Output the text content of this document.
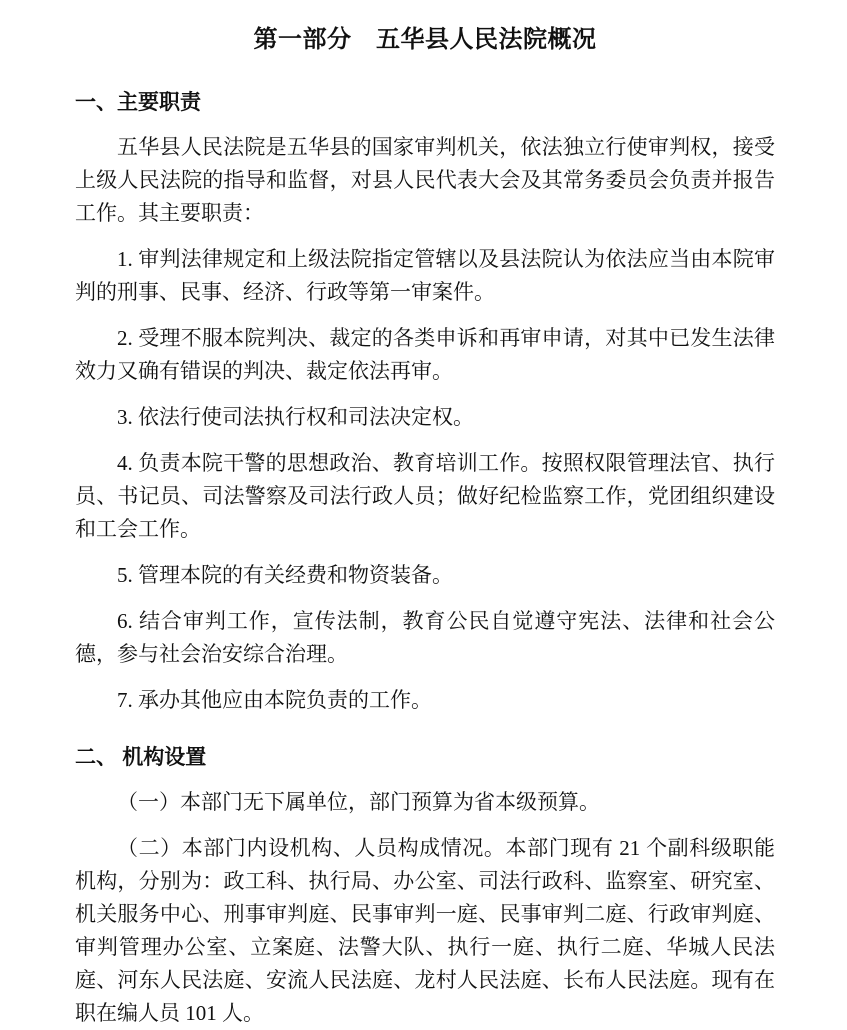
第一部分　五华县人民法院概况
一、主要职责

五华县人民法院是五华县的国家审判机关，依法独立行使审判权，接受上级人民法院的指导和监督，对县人民代表大会及其常务委员会负责并报告工作。其主要职责：

1. 审判法律规定和上级法院指定管辖以及县法院认为依法应当由本院审判的刑事、民事、经济、行政等第一审案件。

2. 受理不服本院判决、裁定的各类申诉和再审申请，对其中已发生法律效力又确有错误的判决、裁定依法再审。

3. 依法行使司法执行权和司法决定权。

4. 负责本院干警的思想政治、教育培训工作。按照权限管理法官、执行员、书记员、司法警察及司法行政人员；做好纪检监察工作，党团组织建设和工会工作。

5. 管理本院的有关经费和物资装备。

6. 结合审判工作，宣传法制，教育公民自觉遵守宪法、法律和社会公德，参与社会治安综合治理。

7. 承办其他应由本院负责的工作。

二、 机构设置

（一）本部门无下属单位，部门预算为省本级预算。

（二）本部门内设机构、人员构成情况。本部门现有 21 个副科级职能机构，分别为：政工科、执行局、办公室、司法行政科、监察室、研究室、机关服务中心、刑事审判庭、民事审判一庭、民事审判二庭、行政审判庭、审判管理办公室、立案庭、法警大队、执行一庭、执行二庭、华城人民法庭、河东人民法庭、安流人民法庭、龙村人民法庭、长布人民法庭。现有在职在编人员 101 人。
